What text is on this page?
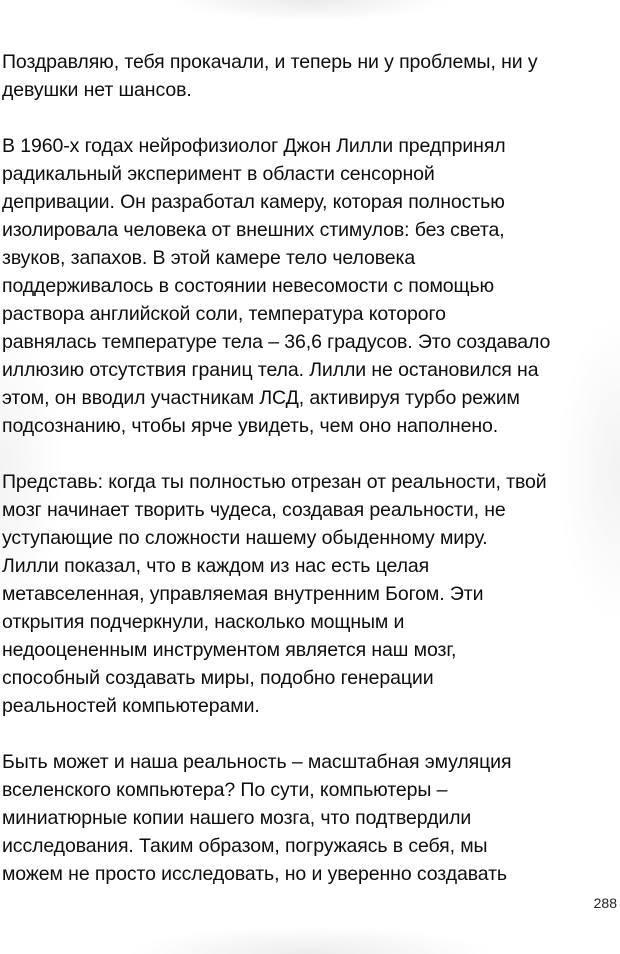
Поздравляю, тебя прокачали, и теперь ни у проблемы, ни у
девушки нет шансов.

В 1960-х годах нейрофизиолог Джон Лилли предпринял
радикальный эксперимент в области сенсорной
депривации. Он разработал камеру, которая полностью
изолировала человека от внешних стимулов: без света,
звуков, запахов. В этой камере тело человека
поддерживалось в состоянии невесомости с помощью
раствора английской соли, температура которого
равнялась температуре тела – 36,6 градусов. Это создавало
иллюзию отсутствия границ тела. Лилли не остановился на
этом, он вводил участникам ЛСД, активируя турбо режим
подсознанию, чтобы ярче увидеть, чем оно наполнено.

Представь: когда ты полностью отрезан от реальности, твой
мозг начинает творить чудеса, создавая реальности, не
уступающие по сложности нашему обыденному миру.
Лилли показал, что в каждом из нас есть целая
метавселенная, управляемая внутренним Богом. Эти
открытия подчеркнули, насколько мощным и
недооцененным инструментом является наш мозг,
способный создавать миры, подобно генерации
реальностей компьютерами.

Быть может и наша реальность – масштабная эмуляция
вселенского компьютера? По сути, компьютеры –
миниатюрные копии нашего мозга, что подтвердили
исследования. Таким образом, погружаясь в себя, мы
можем не просто исследовать, но и уверенно создавать

288
